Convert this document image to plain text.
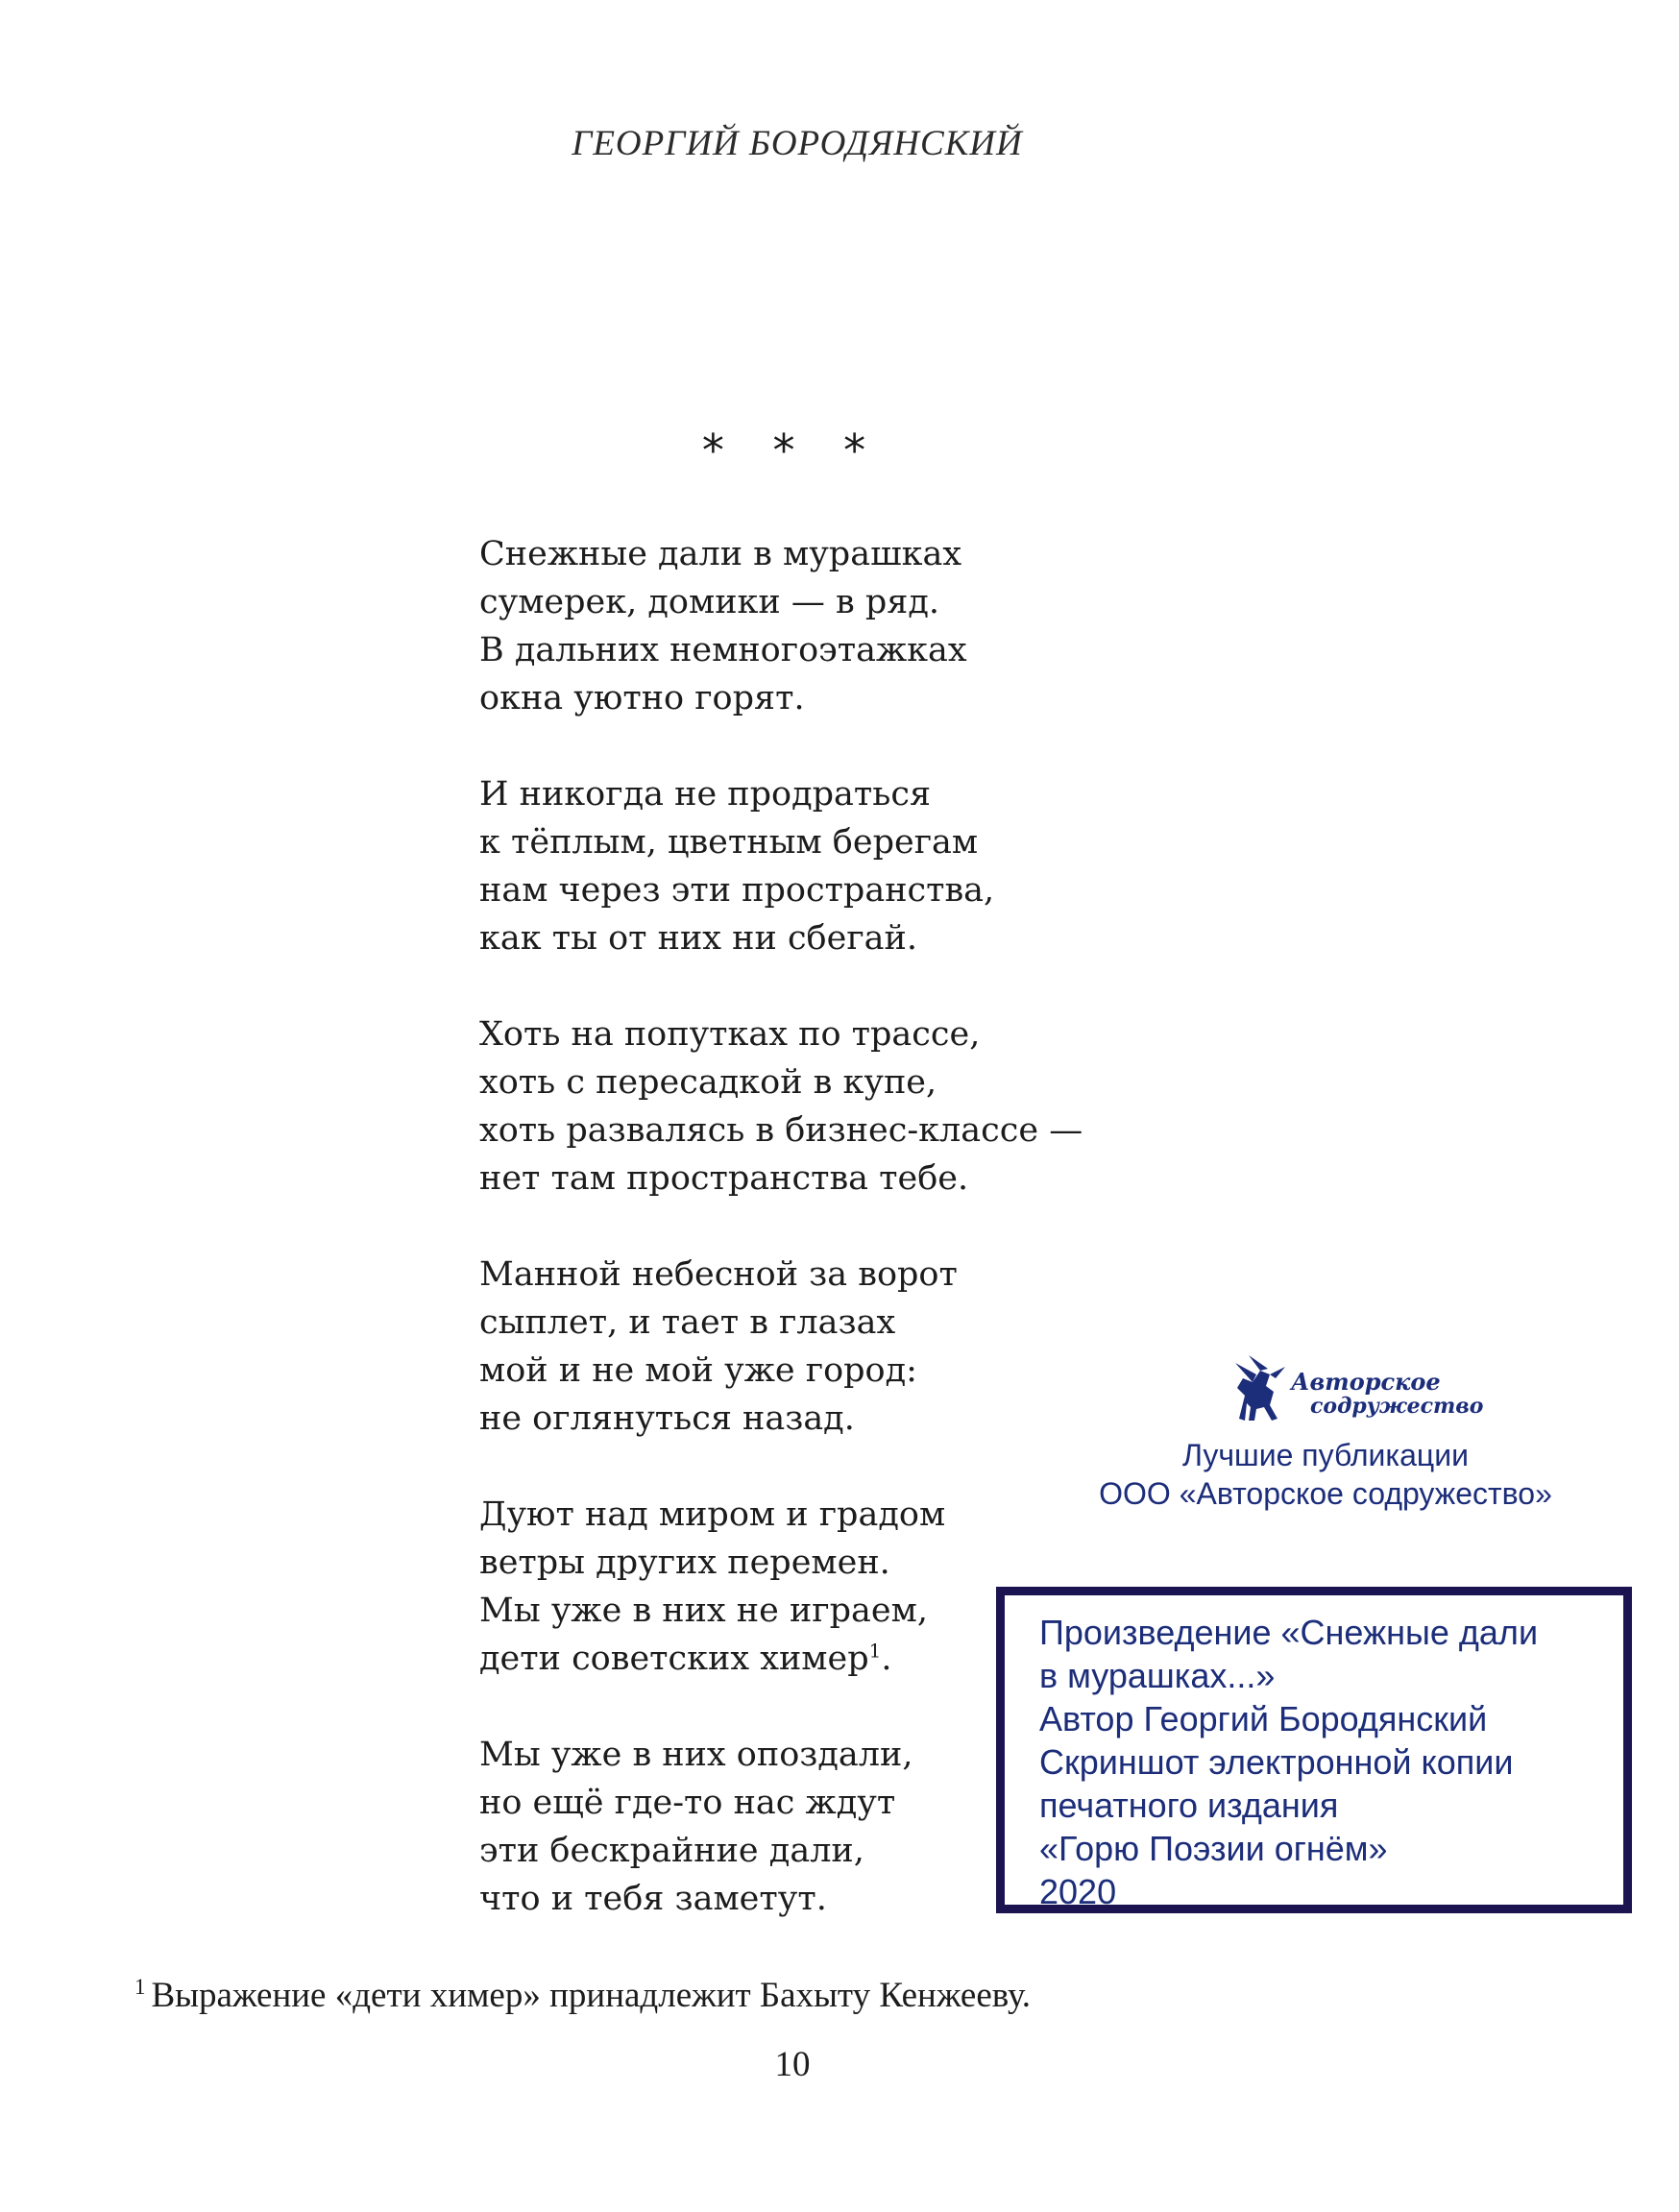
ГЕОРГИЙ БОРОДЯНСКИЙ
* * *
Снежные дали в мурашках
сумерек, домики — в ряд.
В дальних немногоэтажках
окна уютно горят.
И никогда не продраться
к тёплым, цветным берегам
нам через эти пространства,
как ты от них ни сбегай.
Хоть на попутках по трассе,
хоть с пересадкой в купе,
хоть развалясь в бизнес-классе —
нет там пространства тебе.
Манной небесной за ворот
сыплет, и тает в глазах
мой и не мой уже город:
не оглянуться назад.
Дуют над миром и градом
ветры других перемен.
Мы уже в них не играем,
дети советских химер$^1$.
Мы уже в них опоздали,
но ещё где-то нас ждут
эти бескрайние дали,
что и тебя заметут.
Авторское
содружество
Лучшие публикации
ООО «Авторское содружество»
Произведение «Снежные дали
в мурашках...»
Автор Георгий Бородянский
Скриншот электронной копии
печатного издания
«Горю Поэзии огнём»
2020
$^1$ Выражение «дети химер» принадлежит Бахыту Кенжееву.
10
